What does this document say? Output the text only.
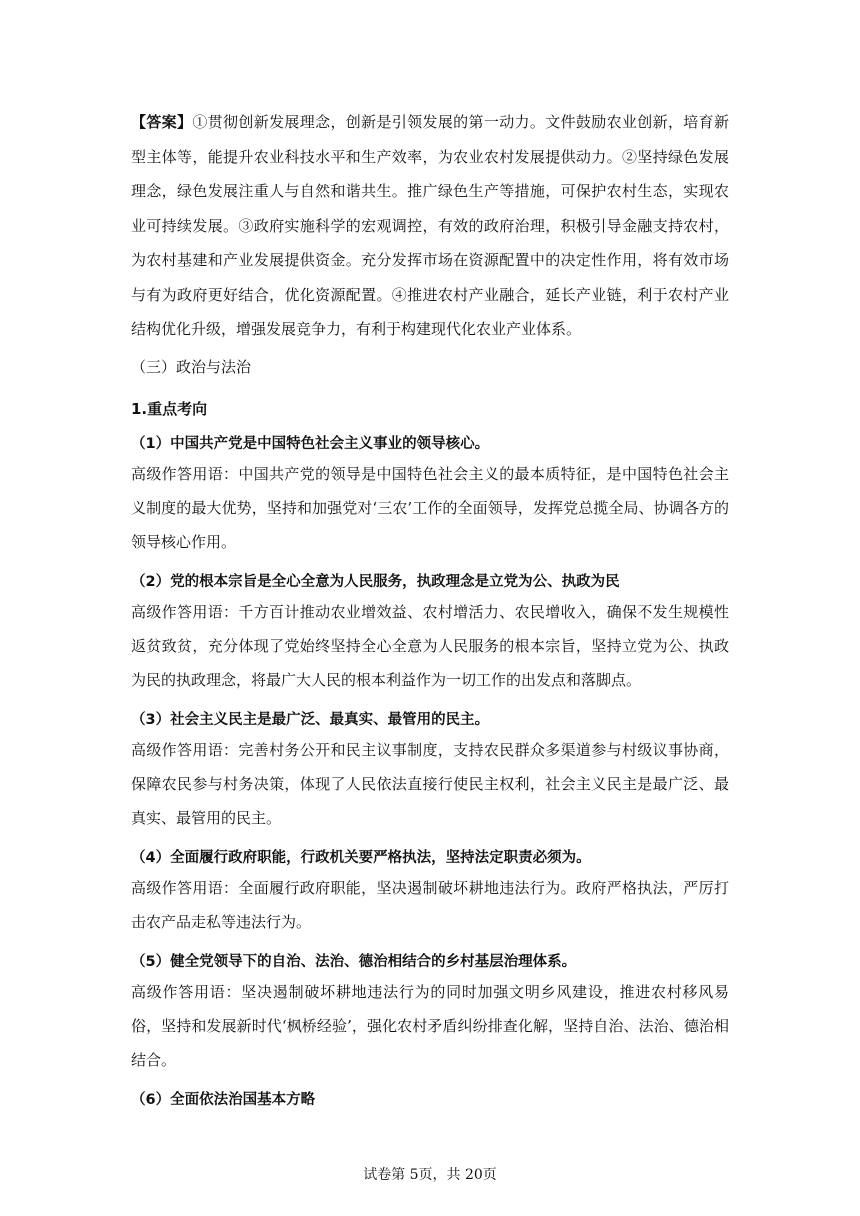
【答案】①贯彻创新发展理念，创新是引领发展的第一动力。文件鼓励农业创新，培育新型主体等，能提升农业科技水平和生产效率，为农业农村发展提供动力。②坚持绿色发展理念，绿色发展注重人与自然和谐共生。推广绿色生产等措施，可保护农村生态，实现农业可持续发展。③政府实施科学的宏观调控，有效的政府治理，积极引导金融支持农村，为农村基建和产业发展提供资金。充分发挥市场在资源配置中的决定性作用，将有效市场与有为政府更好结合，优化资源配置。④推进农村产业融合，延长产业链，利于农村产业结构优化升级，增强发展竞争力，有利于构建现代化农业产业体系。

（三）政治与法治
1.重点考向
（1）中国共产党是中国特色社会主义事业的领导核心。

高级作答用语：中国共产党的领导是中国特色社会主义的最本质特征，是中国特色社会主义制度的最大优势，坚持和加强党对‘三农’工作的全面领导，发挥党总揽全局、协调各方的领导核心作用。

（2）党的根本宗旨是全心全意为人民服务，执政理念是立党为公、执政为民

高级作答用语：千方百计推动农业增效益、农村增活力、农民增收入，确保不发生规模性返贫致贫，充分体现了党始终坚持全心全意为人民服务的根本宗旨，坚持立党为公、执政为民的执政理念，将最广大人民的根本利益作为一切工作的出发点和落脚点。

（3）社会主义民主是最广泛、最真实、最管用的民主。

高级作答用语：完善村务公开和民主议事制度，支持农民群众多渠道参与村级议事协商，保障农民参与村务决策，体现了人民依法直接行使民主权利，社会主义民主是最广泛、最真实、最管用的民主。

（4）全面履行政府职能，行政机关要严格执法，坚持法定职责必须为。

高级作答用语：全面履行政府职能，坚决遏制破坏耕地违法行为。政府严格执法，严厉打击农产品走私等违法行为。

（5）健全党领导下的自治、法治、德治相结合的乡村基层治理体系。

高级作答用语：坚决遏制破坏耕地违法行为的同时加强文明乡风建设，推进农村移风易俗，坚持和发展新时代‘枫桥经验’，强化农村矛盾纠纷排查化解，坚持自治、法治、德治相结合。

（6）全面依法治国基本方略
试卷第 5页，共 20页
